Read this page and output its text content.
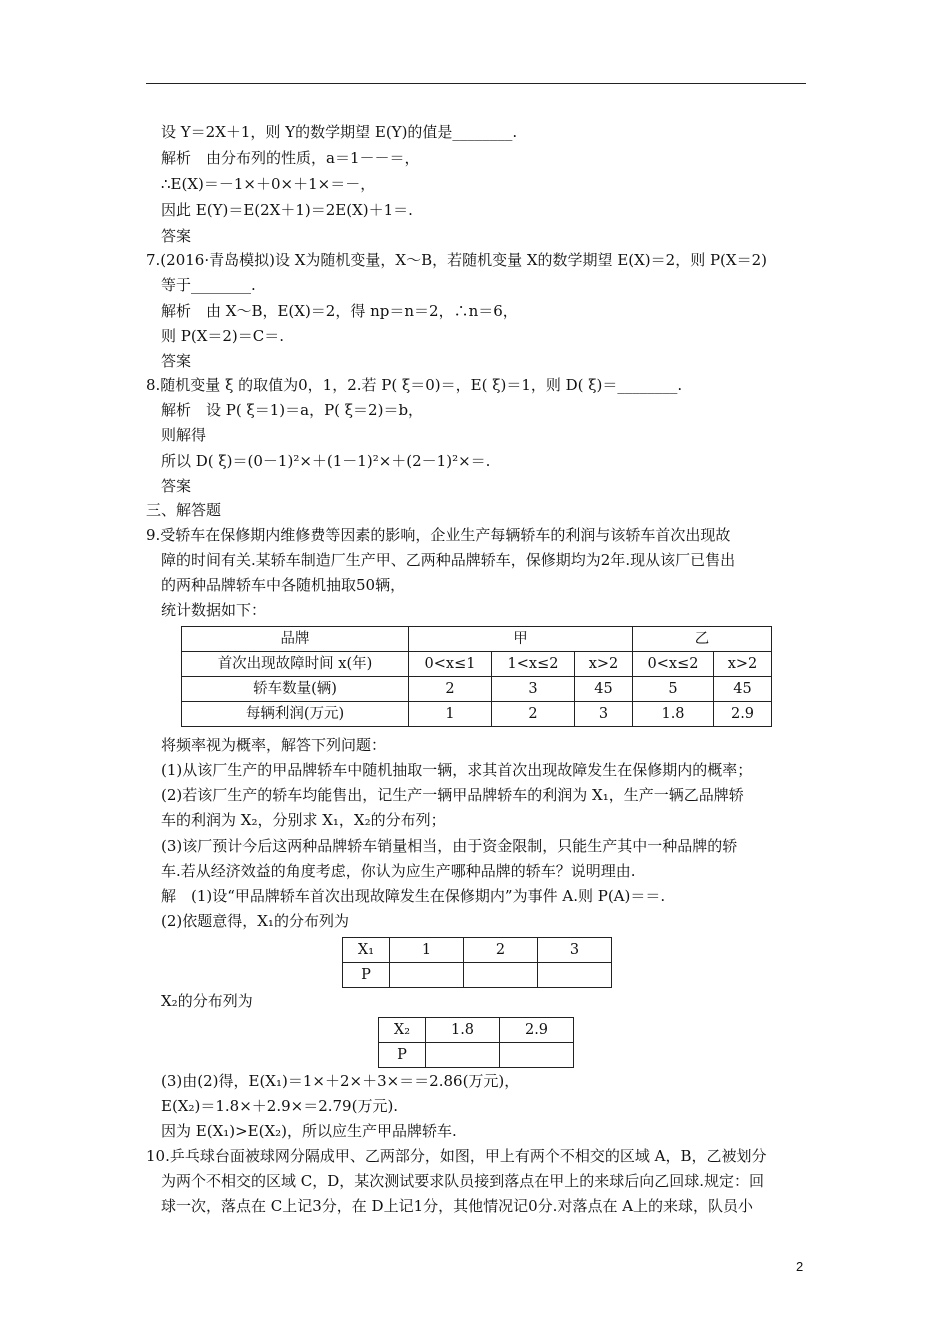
设 Y＝2X＋1，则 Y的数学期望 E(Y)的值是________.
解析　由分布列的性质，a＝1－－＝，
∴E(X)＝－1×＋0×＋1×＝－，
因此 E(Y)＝E(2X＋1)＝2E(X)＋1＝.
答案
7.(2016·青岛模拟)设 X为随机变量，X～B，若随机变量 X的数学期望 E(X)＝2，则 P(X＝2)
等于________.
解析　由 X～B，E(X)＝2，得 np＝n＝2，∴n＝6，
则 P(X＝2)＝C＝.
答案
8.随机变量 ξ 的取值为0，1，2.若 P( ξ＝0)＝，E( ξ)＝1，则 D( ξ)＝________.
解析　设 P( ξ＝1)＝a，P( ξ＝2)＝b，
则解得
所以 D( ξ)＝(0－1)²×＋(1－1)²×＋(2－1)²×＝.
答案
三、解答题
9.受轿车在保修期内维修费等因素的影响，企业生产每辆轿车的利润与该轿车首次出现故
障的时间有关.某轿车制造厂生产甲、乙两种品牌轿车，保修期均为2年.现从该厂已售出
的两种品牌轿车中各随机抽取50辆，
统计数据如下：
品牌	甲			乙	
首次出现故障时间 x(年)	0<x≤1	1<x≤2	x>2	0<x≤2	x>2
轿车数量(辆)	2	3	45	5	45
每辆利润(万元)	1	2	3	1.8	2.9
将频率视为概率，解答下列问题：
(1)从该厂生产的甲品牌轿车中随机抽取一辆，求其首次出现故障发生在保修期内的概率；
(2)若该厂生产的轿车均能售出，记生产一辆甲品牌轿车的利润为 X₁，生产一辆乙品牌轿
车的利润为 X₂，分别求 X₁，X₂的分布列；
(3)该厂预计今后这两种品牌轿车销量相当，由于资金限制，只能生产其中一种品牌的轿
车.若从经济效益的角度考虑，你认为应生产哪种品牌的轿车？说明理由.
解　(1)设“甲品牌轿车首次出现故障发生在保修期内”为事件 A.则 P(A)＝＝.
(2)依题意得，X₁的分布列为
X₁	1	2	3
P			
X₂的分布列为
X₂	1.8	2.9
P		
(3)由(2)得，E(X₁)＝1×＋2×＋3×＝＝2.86(万元)，
E(X₂)＝1.8×＋2.9×＝2.79(万元).
因为 E(X₁)>E(X₂)，所以应生产甲品牌轿车.
10.乒乓球台面被球网分隔成甲、乙两部分，如图，甲上有两个不相交的区域 A，B，乙被划分
为两个不相交的区域 C，D，某次测试要求队员接到落点在甲上的来球后向乙回球.规定：回
球一次，落点在 C上记3分，在 D上记1分，其他情况记0分.对落点在 A上的来球，队员小
2
